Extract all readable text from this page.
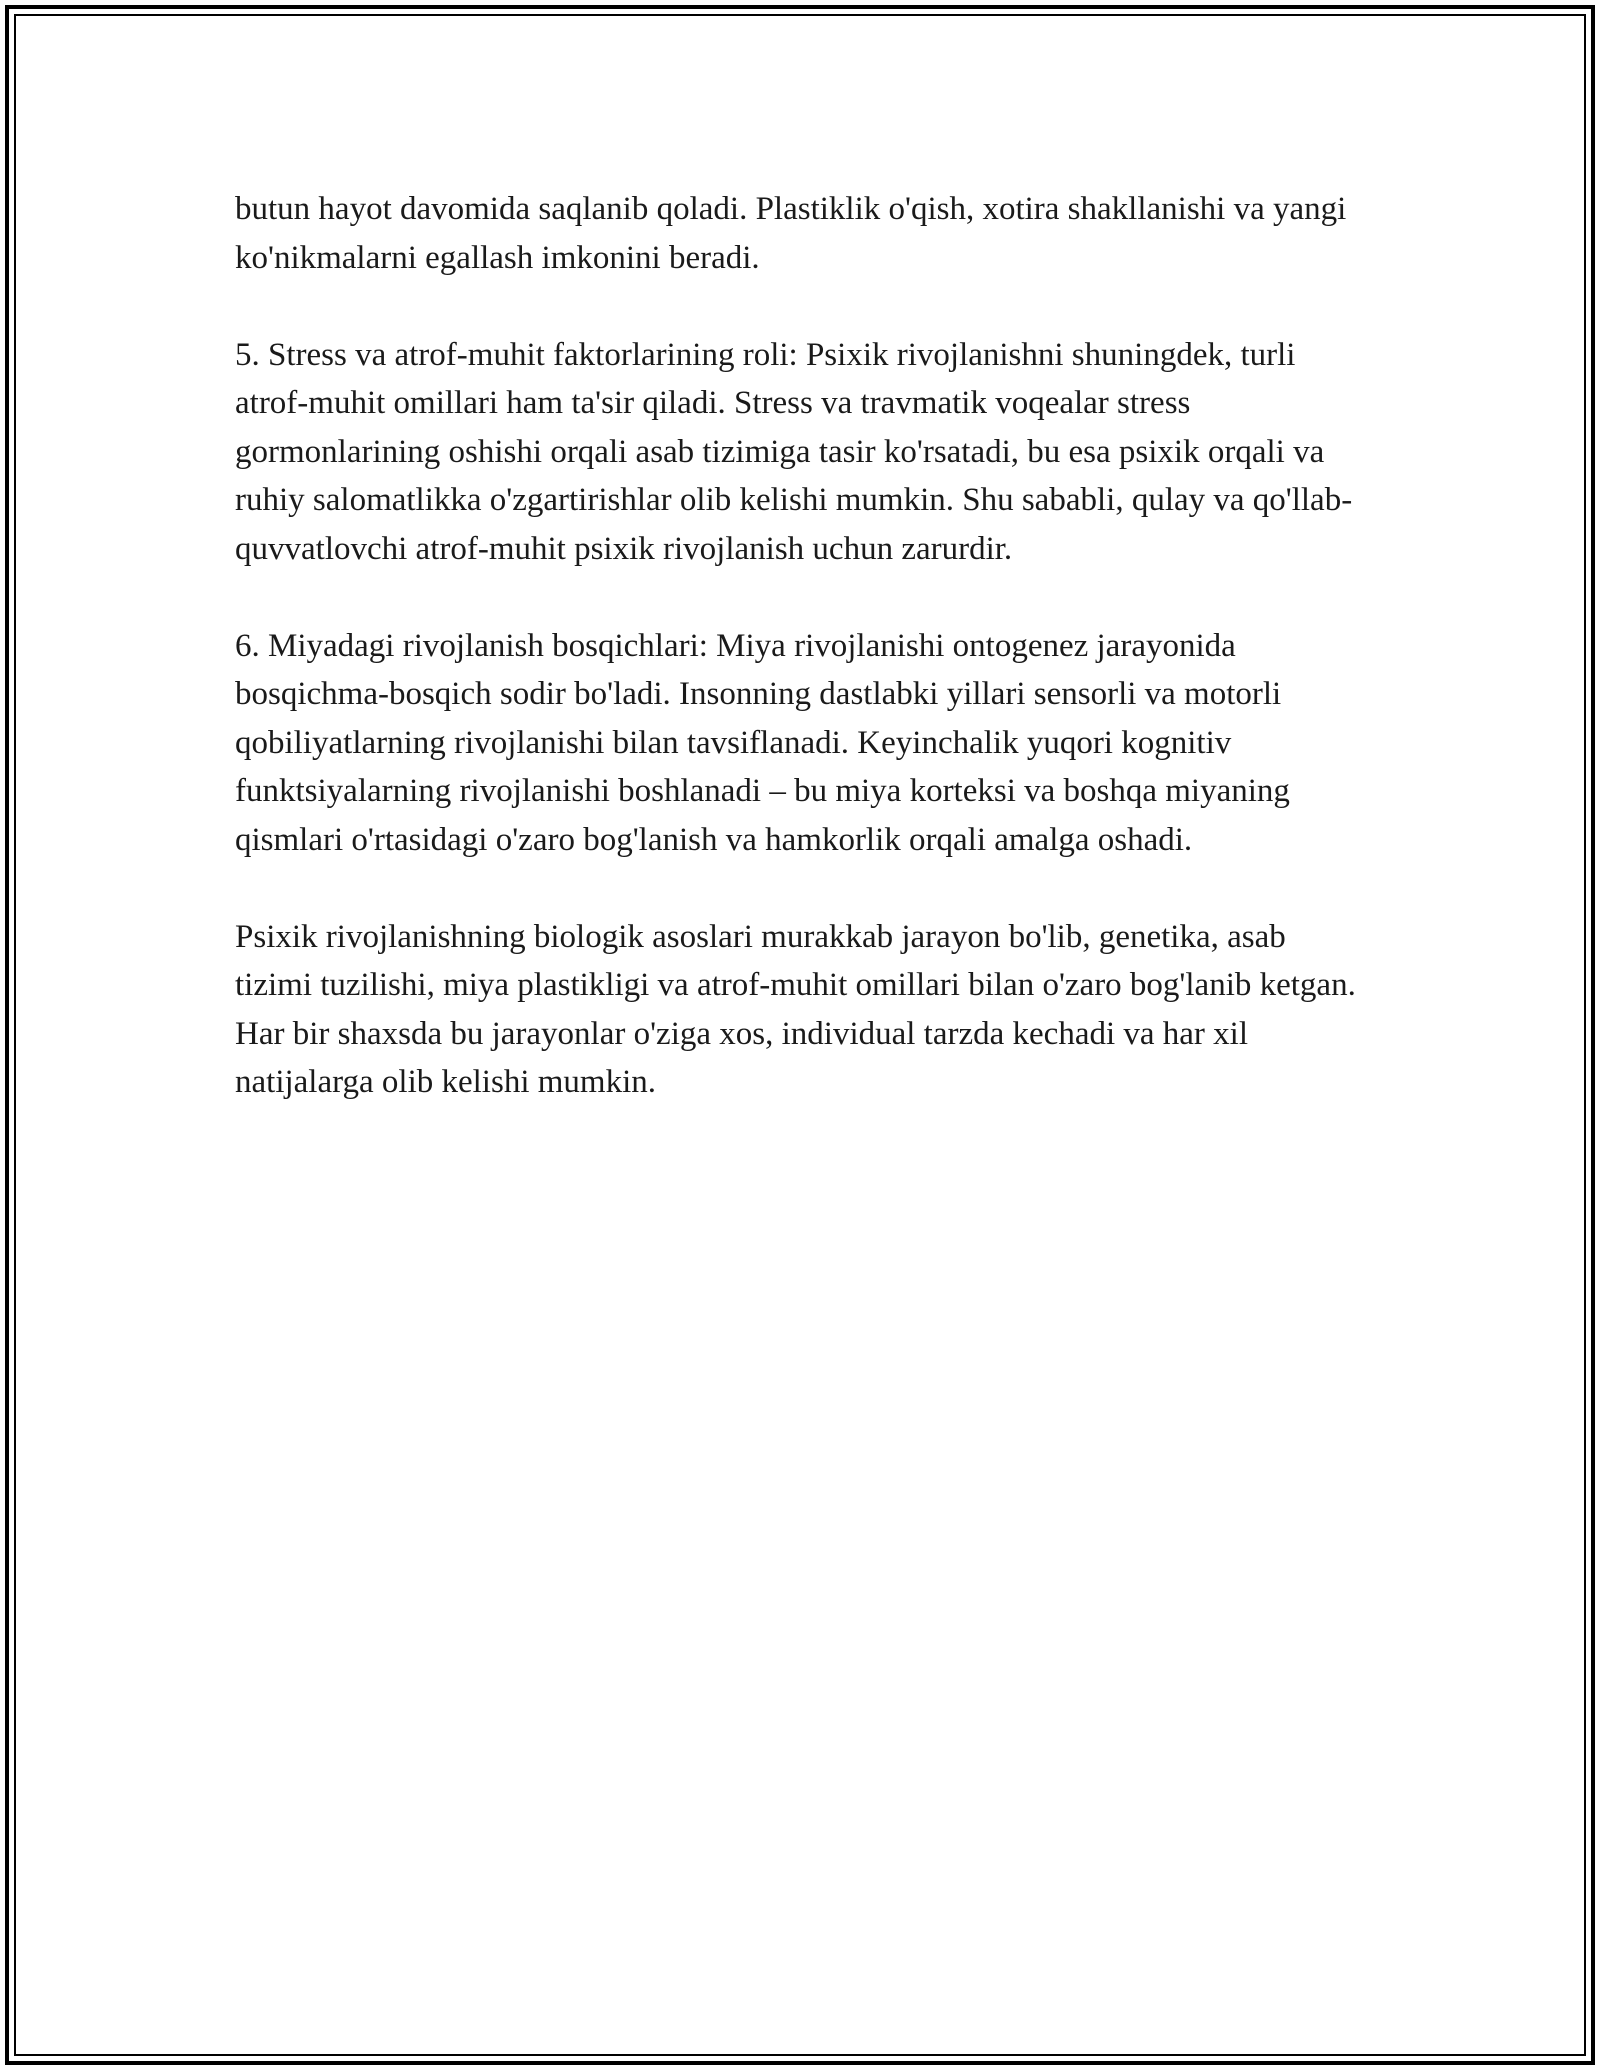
butun hayot davomida saqlanib qoladi. Plastiklik o'qish, xotira shakllanishi va yangi ko'nikmalarni egallash imkonini beradi.

5. Stress va atrof-muhit faktorlarining roli: Psixik rivojlanishni shuningdek, turli atrof-muhit omillari ham ta'sir qiladi. Stress va travmatik voqealar stress gormonlarining oshishi orqali asab tizimiga tasir ko'rsatadi, bu esa psixik orqali va ruhiy salomatlikka o'zgartirishlar olib kelishi mumkin. Shu sababli, qulay va qo'llab-quvvatlovchi atrof-muhit psixik rivojlanish uchun zarurdir.

6. Miyadagi rivojlanish bosqichlari: Miya rivojlanishi ontogenez jarayonida bosqichma-bosqich sodir bo'ladi. Insonning dastlabki yillari sensorli va motorli qobiliyatlarning rivojlanishi bilan tavsiflanadi. Keyinchalik yuqori kognitiv funktsiyalarning rivojlanishi boshlanadi – bu miya korteksi va boshqa miyaning qismlari o'rtasidagi o'zaro bog'lanish va hamkorlik orqali amalga oshadi.

Psixik rivojlanishning biologik asoslari murakkab jarayon bo'lib, genetika, asab tizimi tuzilishi, miya plastikligi va atrof-muhit omillari bilan o'zaro bog'lanib ketgan. Har bir shaxsda bu jarayonlar o'ziga xos, individual tarzda kechadi va har xil natijalarga olib kelishi mumkin.
